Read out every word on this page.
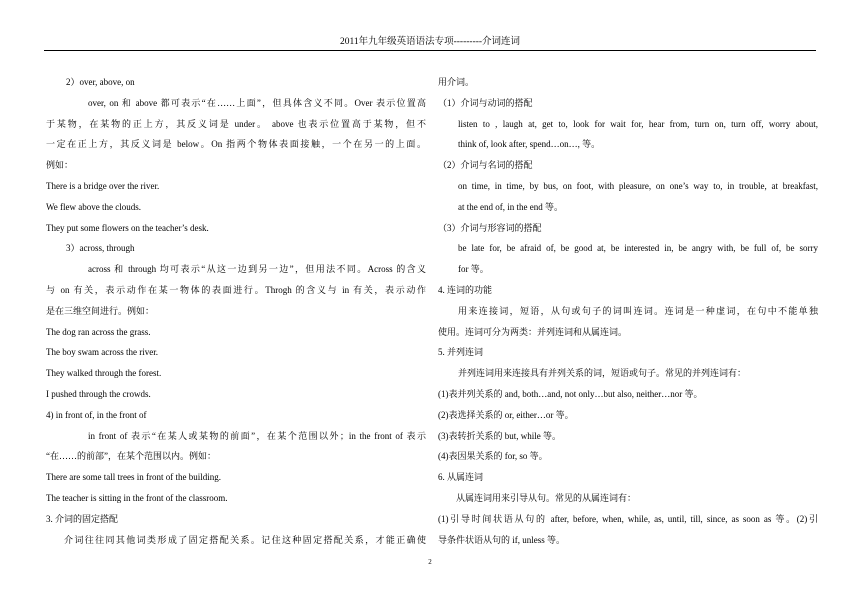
2011年九年级英语语法专项---------介词连词
2）over, above, on
over, on 和 above 都可表示“在……上面”，但具体含义不同。Over 表示位置高
于某物，在某物的正上方，其反义词是 under。 above 也表示位置高于某物，但不
一定在正上方，其反义词是 below。On 指两个物体表面接触，一个在另一的上面。
例如：
There is a bridge over the river.
We flew above the clouds.
They put some flowers on the teacher’s desk.
3）across, through
across 和 through 均可表示“从这一边到另一边”，但用法不同。Across 的含义
与 on 有关，表示动作在某一物体的表面进行。Throgh 的含义与 in 有关，表示动作
是在三维空间进行。例如：
The dog ran across the grass.
The boy swam across the river.
They walked through the forest.
I pushed through the crowds.
4) in front of, in the front of
in front of 表示“在某人或某物的前面”，在某个范围以外；in the front of 表示
“在……的前部”，在某个范围以内。例如：
There are some tall trees in front of the building.
The teacher is sitting in the front of the classroom.
3. 介词的固定搭配
介词往往同其他词类形成了固定搭配关系。记住这种固定搭配关系，才能正确使
用介词。
（1）介词与动词的搭配
listen to , laugh at, get to, look for wait for, hear from, turn on, turn off, worry about,
think of, look after, spend…on…, 等。
（2）介词与名词的搭配
on time, in time, by bus, on foot, with pleasure, on one’s way to, in trouble, at breakfast,
at the end of, in the end 等。
（3）介词与形容词的搭配
be late for, be afraid of, be good at, be interested in, be angry with, be full of, be sorry
for 等。
4. 连词的功能
用来连接词，短语，从句或句子的词叫连词。连词是一种虚词，在句中不能单独
使用。连词可分为两类：并列连词和从属连词。
5. 并列连词
并列连词用来连接具有并列关系的词，短语或句子。常见的并列连词有：
(1)表并列关系的 and, both…and, not only…but also, neither…nor 等。
(2)表选择关系的 or, either…or 等。
(3)表转折关系的 but, while 等。
(4)表因果关系的 for, so 等。
6. 从属连词
从属连词用来引导从句。常见的从属连词有：
(1)引导时间状语从句的 after, before, when, while, as, until, till, since, as soon as 等。(2)引
导条件状语从句的 if, unless 等。
2
